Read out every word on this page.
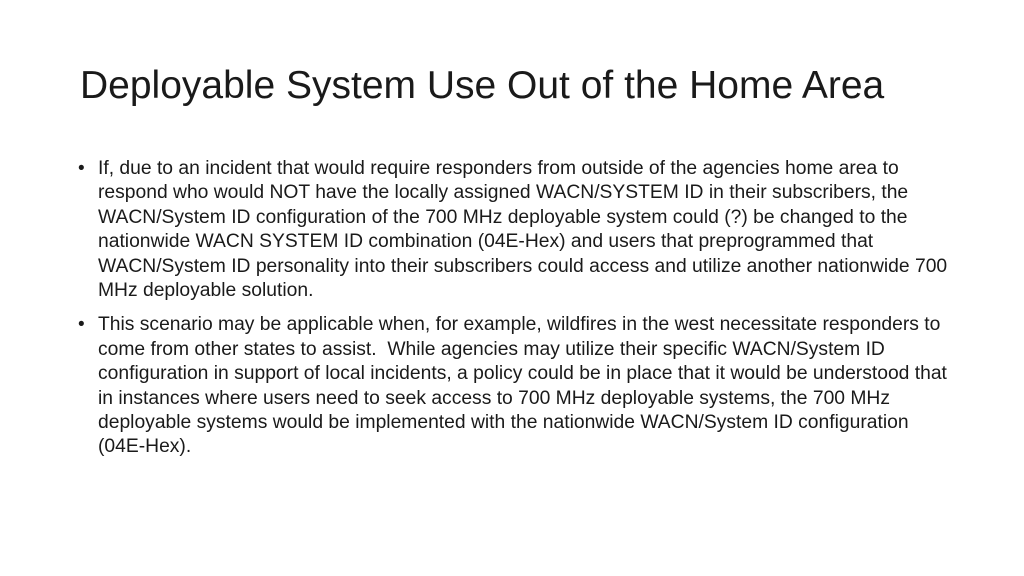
Deployable System Use Out of the Home Area
• If, due to an incident that would require responders from outside of the agencies home area to respond who would NOT have the locally assigned WACN/SYSTEM ID in their subscribers, the WACN/System ID configuration of the 700 MHz deployable system could (?) be changed to the nationwide WACN SYSTEM ID combination (04E-Hex) and users that preprogrammed that WACN/System ID personality into their subscribers could access and utilize another nationwide 700 MHz deployable solution.
• This scenario may be applicable when, for example, wildfires in the west necessitate responders to come from other states to assist.  While agencies may utilize their specific WACN/System ID configuration in support of local incidents, a policy could be in place that it would be understood that in instances where users need to seek access to 700 MHz deployable systems, the 700 MHz deployable systems would be implemented with the nationwide WACN/System ID configuration (04E-Hex).
